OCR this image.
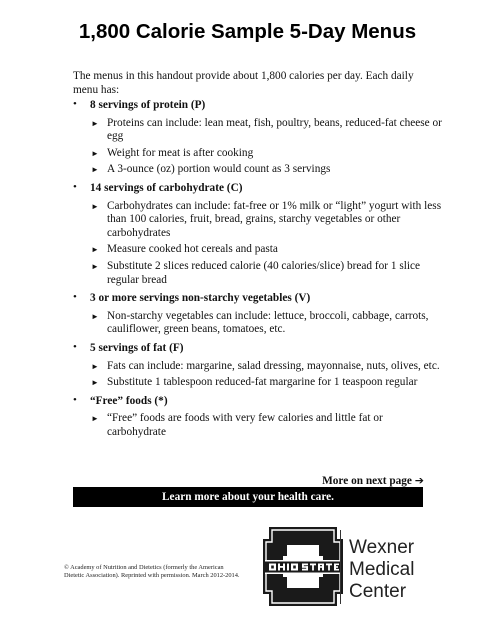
1,800 Calorie Sample 5-Day Menus
The menus in this handout provide about 1,800 calories per day. Each daily menu has:
• 8 servings of protein (P)
► Proteins can include: lean meat, fish, poultry, beans, reduced-fat cheese or egg
► Weight for meat is after cooking
► A 3-ounce (oz) portion would count as 3 servings
• 14 servings of carbohydrate (C)
► Carbohydrates can include: fat-free or 1% milk or “light” yogurt with less than 100 calories, fruit, bread, grains, starchy vegetables or other carbohydrates
► Measure cooked hot cereals and pasta
► Substitute 2 slices reduced calorie (40 calories/slice) bread for 1 slice regular bread
• 3 or more servings non-starchy vegetables (V)
► Non-starchy vegetables can include: lettuce, broccoli, cabbage, carrots, cauliflower, green beans, tomatoes, etc.
• 5 servings of fat (F)
► Fats can include: margarine, salad dressing, mayonnaise, nuts, olives, etc.
► Substitute 1 tablespoon reduced-fat margarine for 1 teaspoon regular
• “Free” foods (*)
► “Free” foods are foods with very few calories and little fat or carbohydrate
More on next page ➔
Learn more about your health care.
© Academy of Nutrition and Dietetics (formerly the American Dietetic Association). Reprinted with permission. March 2012-2014.
Wexner
Medical
Center
